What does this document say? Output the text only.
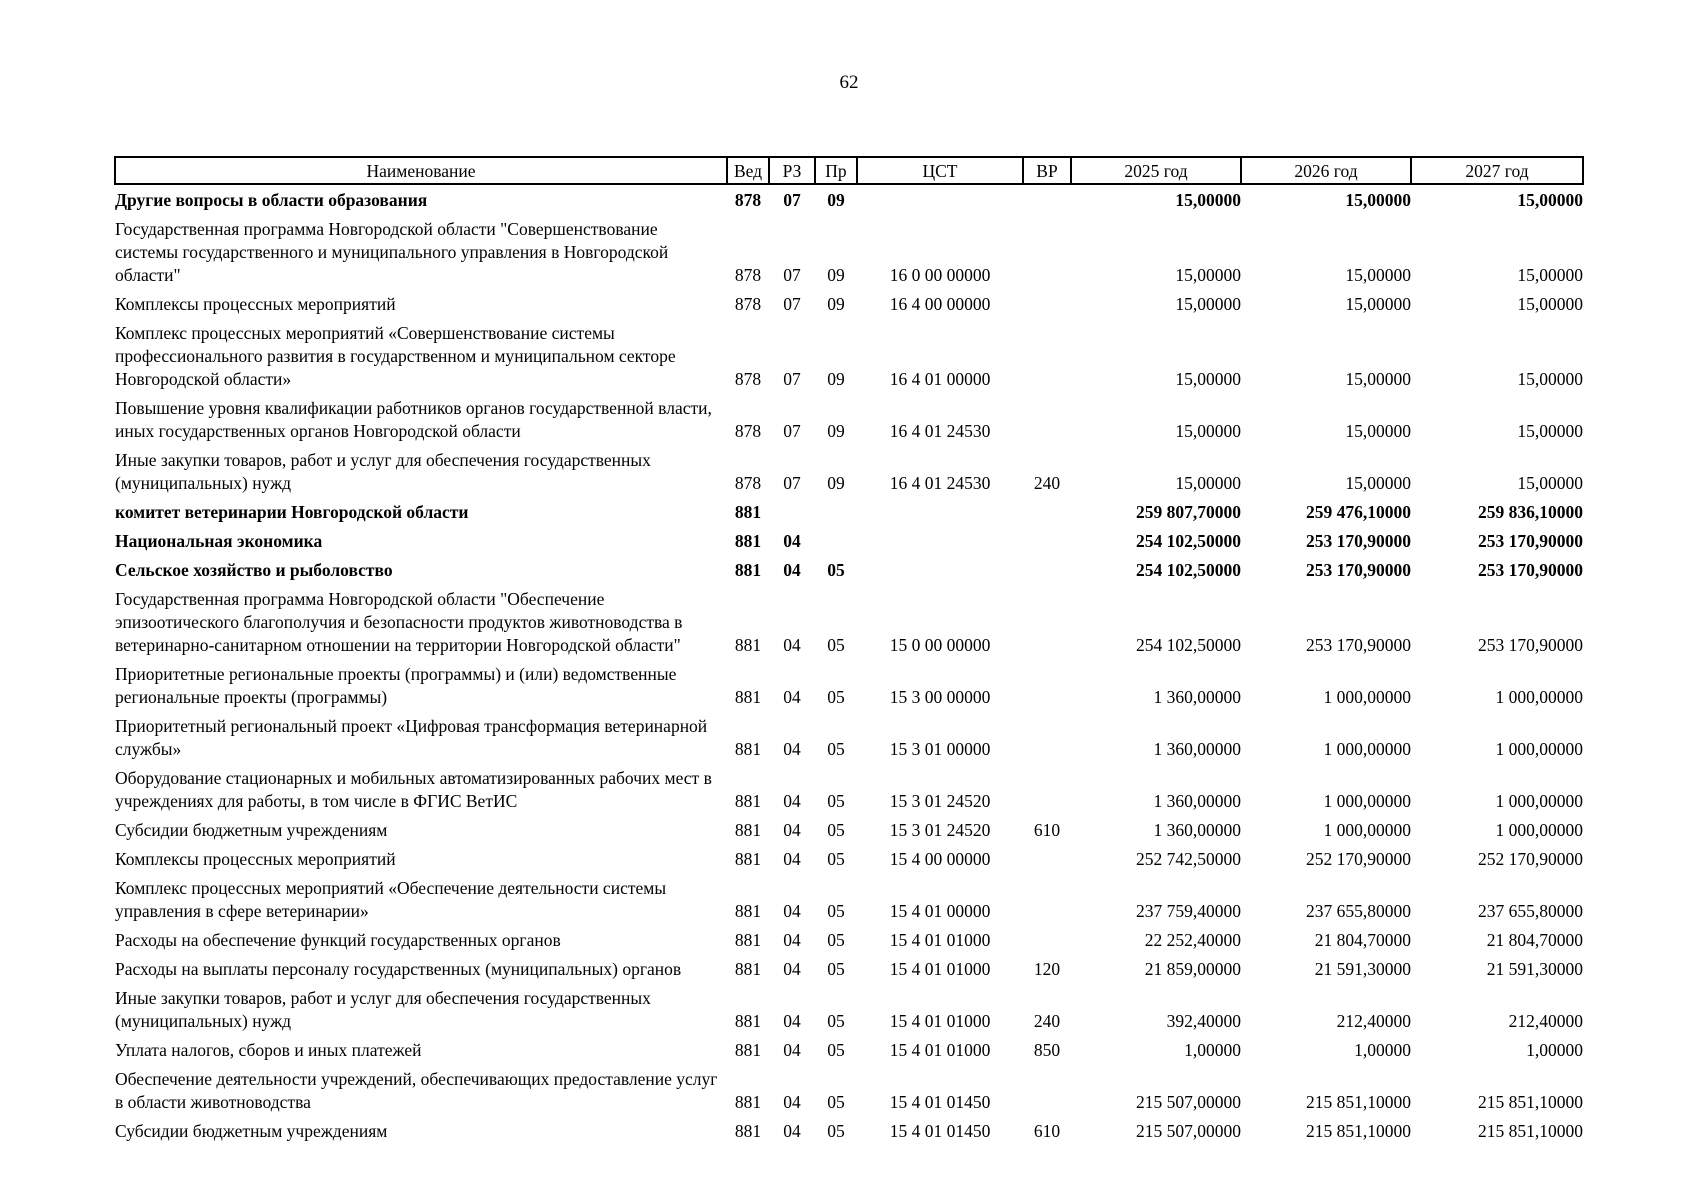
62
Наименование	Вед	РЗ	Пр	ЦСТ	ВР	2025 год	2026 год	2027 год
Другие вопросы в области образования	878	07	09			15,00000	15,00000	15,00000
Государственная программа Новгородской области "Совершенствование системы государственного и муниципального управления в Новгородской области"	878	07	09	16 0 00 00000		15,00000	15,00000	15,00000
Комплексы процессных мероприятий	878	07	09	16 4 00 00000		15,00000	15,00000	15,00000
Комплекс процессных мероприятий «Совершенствование системы профессионального развития в государственном и муниципальном секторе Новгородской области»	878	07	09	16 4 01 00000		15,00000	15,00000	15,00000
Повышение уровня квалификации работников органов государственной власти, иных государственных органов Новгородской области	878	07	09	16 4 01 24530		15,00000	15,00000	15,00000
Иные закупки товаров, работ и услуг для обеспечения государственных (муниципальных) нужд	878	07	09	16 4 01 24530	240	15,00000	15,00000	15,00000
комитет ветеринарии Новгородской области	881					259 807,70000	259 476,10000	259 836,10000
Национальная экономика	881	04				254 102,50000	253 170,90000	253 170,90000
Сельское хозяйство и рыболовство	881	04	05			254 102,50000	253 170,90000	253 170,90000
Государственная программа Новгородской области "Обеспечение эпизоотического благополучия и безопасности продуктов животноводства в ветеринарно-санитарном отношении на территории Новгородской области"	881	04	05	15 0 00 00000		254 102,50000	253 170,90000	253 170,90000
Приоритетные региональные проекты (программы) и (или) ведомственные региональные проекты (программы)	881	04	05	15 3 00 00000		1 360,00000	1 000,00000	1 000,00000
Приоритетный региональный проект «Цифровая трансформация ветеринарной службы»	881	04	05	15 3 01 00000		1 360,00000	1 000,00000	1 000,00000
Оборудование стационарных и мобильных автоматизированных рабочих мест в учреждениях для работы, в том числе в ФГИС ВетИС	881	04	05	15 3 01 24520		1 360,00000	1 000,00000	1 000,00000
Субсидии бюджетным учреждениям	881	04	05	15 3 01 24520	610	1 360,00000	1 000,00000	1 000,00000
Комплексы процессных мероприятий	881	04	05	15 4 00 00000		252 742,50000	252 170,90000	252 170,90000
Комплекс процессных мероприятий «Обеспечение деятельности системы управления в сфере ветеринарии»	881	04	05	15 4 01 00000		237 759,40000	237 655,80000	237 655,80000
Расходы на обеспечение функций государственных органов	881	04	05	15 4 01 01000		22 252,40000	21 804,70000	21 804,70000
Расходы на выплаты персоналу государственных (муниципальных) органов	881	04	05	15 4 01 01000	120	21 859,00000	21 591,30000	21 591,30000
Иные закупки товаров, работ и услуг для обеспечения государственных (муниципальных) нужд	881	04	05	15 4 01 01000	240	392,40000	212,40000	212,40000
Уплата налогов, сборов и иных платежей	881	04	05	15 4 01 01000	850	1,00000	1,00000	1,00000
Обеспечение деятельности учреждений, обеспечивающих предоставление услуг в области животноводства	881	04	05	15 4 01 01450		215 507,00000	215 851,10000	215 851,10000
Субсидии бюджетным учреждениям	881	04	05	15 4 01 01450	610	215 507,00000	215 851,10000	215 851,10000
